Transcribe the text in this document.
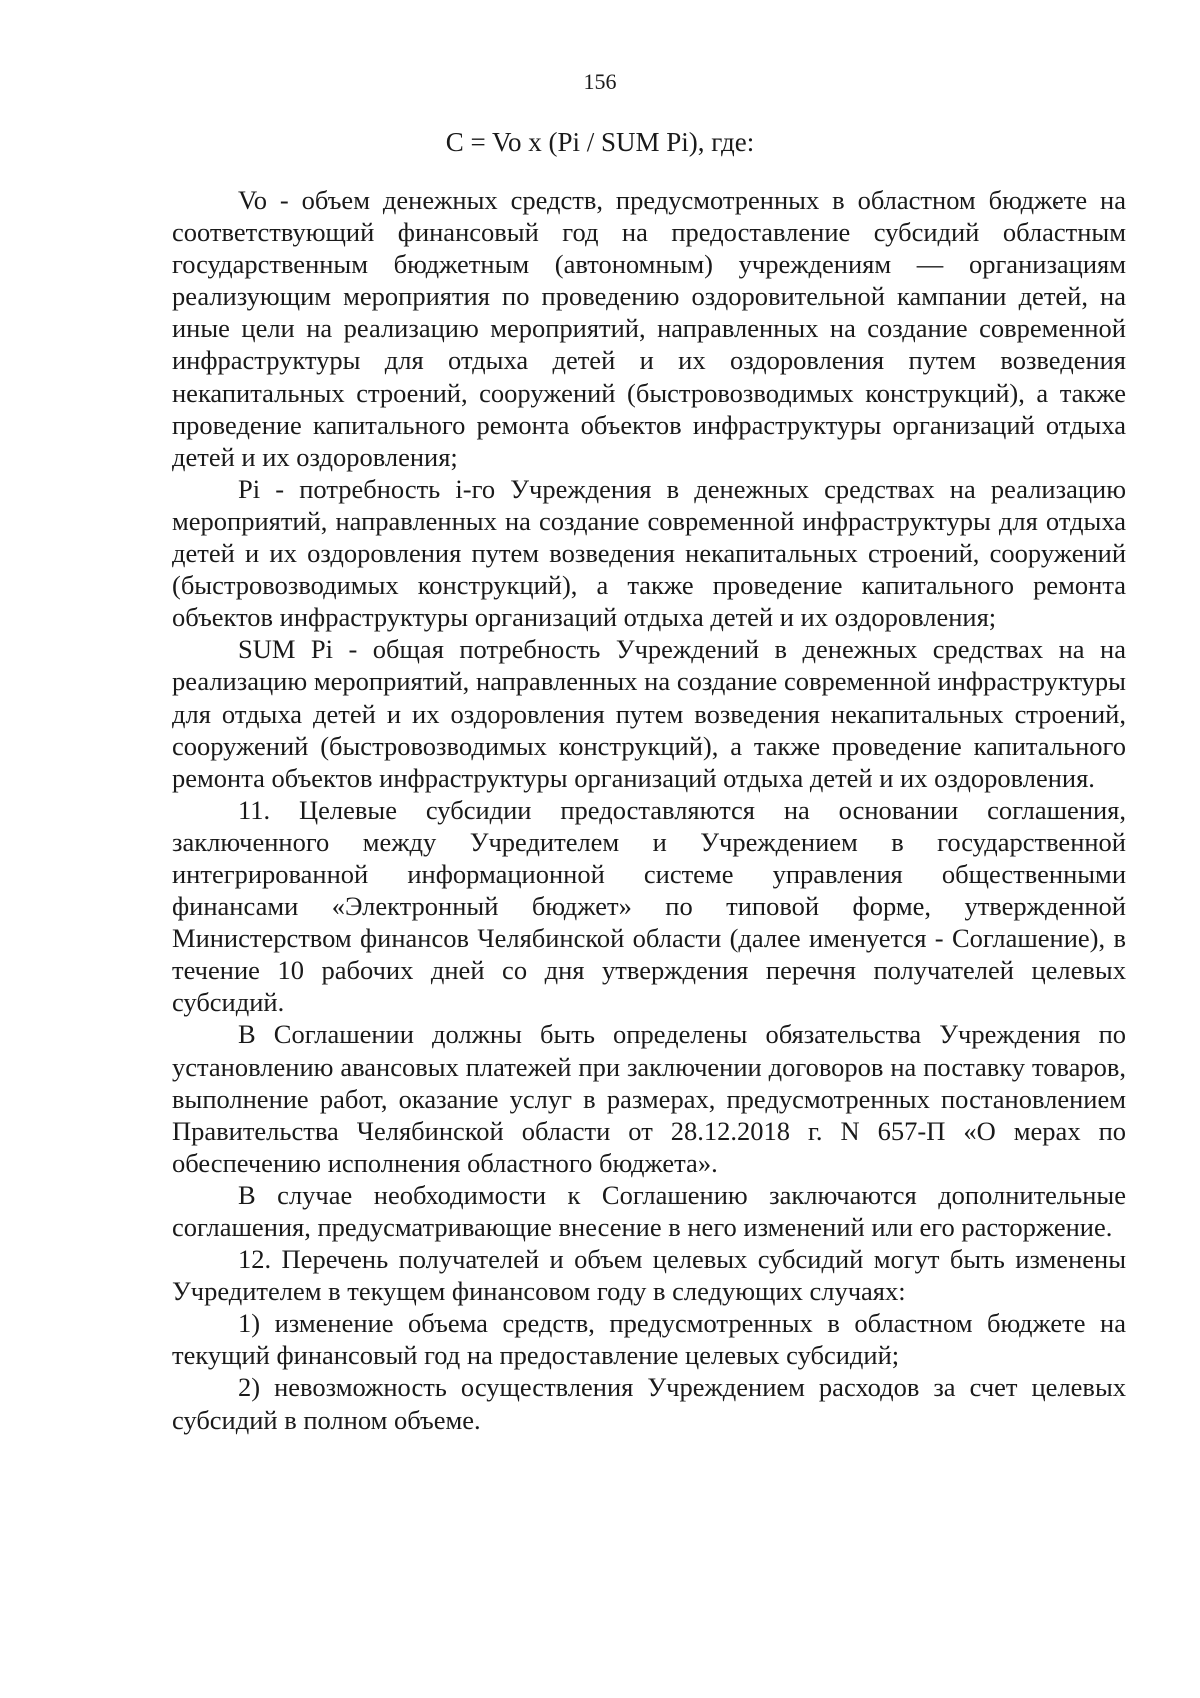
156
C = Vo x (Pi / SUM Pi), где:

Vo - объем денежных средств, предусмотренных в областном бюджете на соответствующий финансовый год на предоставление субсидий областным государственным бюджетным (автономным) учреждениям — организациям реализующим мероприятия по проведению оздоровительной кампании детей, на иные цели на реализацию мероприятий, направленных на создание современной инфраструктуры для отдыха детей и их оздоровления путем возведения некапитальных строений, сооружений (быстровозводимых конструкций), а также проведение капитального ремонта объектов инфраструктуры организаций отдыха детей и их оздоровления;

Pi - потребность i-го Учреждения в денежных средствах на реализацию мероприятий, направленных на создание современной инфраструктуры для отдыха детей и их оздоровления путем возведения некапитальных строений, сооружений (быстровозводимых конструкций), а также проведение капитального ремонта объектов инфраструктуры организаций отдыха детей и их оздоровления;

SUM Pi - общая потребность Учреждений в денежных средствах на на реализацию мероприятий, направленных на создание современной инфраструктуры для отдыха детей и их оздоровления путем возведения некапитальных строений, сооружений (быстровозводимых конструкций), а также проведение капитального ремонта объектов инфраструктуры организаций отдыха детей и их оздоровления.

11. Целевые субсидии предоставляются на основании соглашения, заключенного между Учредителем и Учреждением в государственной интегрированной информационной системе управления общественными финансами «Электронный бюджет» по типовой форме, утвержденной Министерством финансов Челябинской области (далее именуется - Соглашение), в течение 10 рабочих дней со дня утверждения перечня получателей целевых субсидий.

В Соглашении должны быть определены обязательства Учреждения по установлению авансовых платежей при заключении договоров на поставку товаров, выполнение работ, оказание услуг в размерах, предусмотренных постановлением Правительства Челябинской области от 28.12.2018 г. N 657-П «О мерах по обеспечению исполнения областного бюджета».

В случае необходимости к Соглашению заключаются дополнительные соглашения, предусматривающие внесение в него изменений или его расторжение.

12. Перечень получателей и объем целевых субсидий могут быть изменены Учредителем в текущем финансовом году в следующих случаях:

1) изменение объема средств, предусмотренных в областном бюджете на текущий финансовый год на предоставление целевых субсидий;

2) невозможность осуществления Учреждением расходов за счет целевых субсидий в полном объеме.
